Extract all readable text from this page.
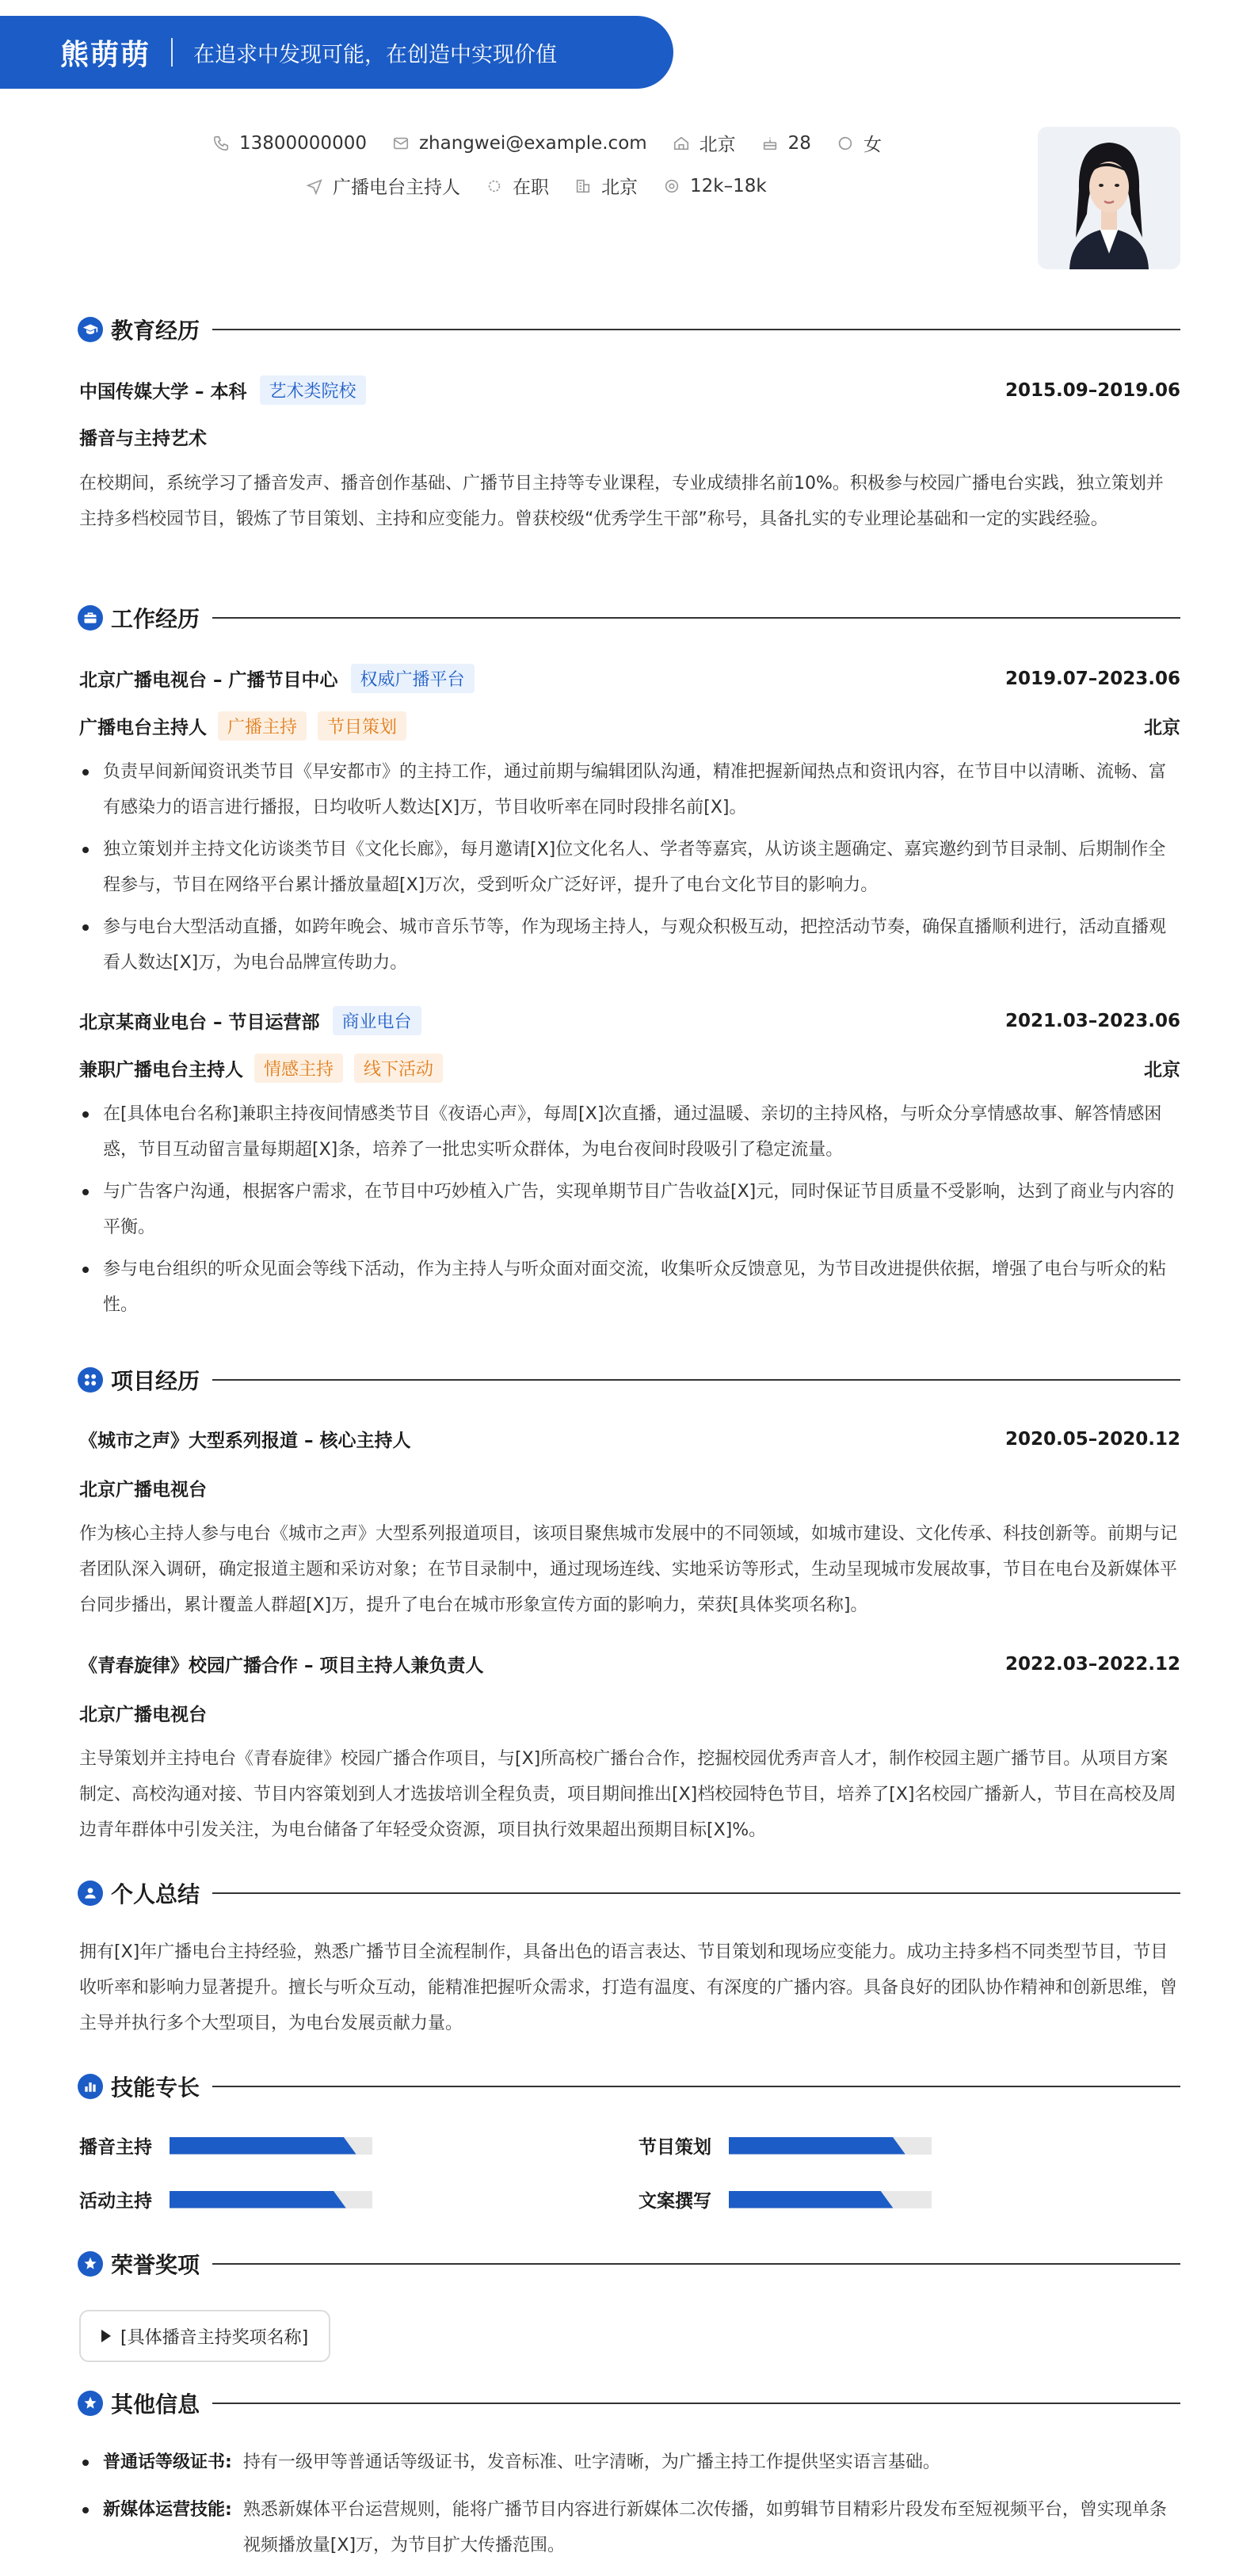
熊萌萌 在追求中发现可能，在创造中实现价值
13800000000	zhangwei@example.com	北京	28	女
广播电台主持人	在职	北京	12k–18k
教育经历
中国传媒大学 – 本科	艺术类院校	2015.09–2019.06
播音与主持艺术
在校期间，系统学习了播音发声、播音创作基础、广播节目主持等专业课程，专业成绩排名前10%。积极参与校园广播电台实践，独立策划并主持多档校园节目，锻炼了节目策划、主持和应变能力。曾获校级“优秀学生干部”称号，具备扎实的专业理论基础和一定的实践经验。
工作经历
北京广播电视台 – 广播节目中心	权威广播平台	2019.07–2023.06
广播电台主持人	广播主持	节目策划	北京
负责早间新闻资讯类节目《早安都市》的主持工作，通过前期与编辑团队沟通，精准把握新闻热点和资讯内容，在节目中以清晰、流畅、富有感染力的语言进行播报，日均收听人数达[X]万，节目收听率在同时段排名前[X]。
独立策划并主持文化访谈类节目《文化长廊》，每月邀请[X]位文化名人、学者等嘉宾，从访谈主题确定、嘉宾邀约到节目录制、后期制作全程参与，节目在网络平台累计播放量超[X]万次，受到听众广泛好评，提升了电台文化节目的影响力。
参与电台大型活动直播，如跨年晚会、城市音乐节等，作为现场主持人，与观众积极互动，把控活动节奏，确保直播顺利进行，活动直播观看人数达[X]万，为电台品牌宣传助力。
北京某商业电台 – 节目运营部	商业电台	2021.03–2023.06
兼职广播电台主持人	情感主持	线下活动	北京
在[具体电台名称]兼职主持夜间情感类节目《夜语心声》，每周[X]次直播，通过温暖、亲切的主持风格，与听众分享情感故事、解答情感困惑，节目互动留言量每期超[X]条，培养了一批忠实听众群体，为电台夜间时段吸引了稳定流量。
与广告客户沟通，根据客户需求，在节目中巧妙植入广告，实现单期节目广告收益[X]元，同时保证节目质量不受影响，达到了商业与内容的平衡。
参与电台组织的听众见面会等线下活动，作为主持人与听众面对面交流，收集听众反馈意见，为节目改进提供依据，增强了电台与听众的粘性。
项目经历
《城市之声》大型系列报道 – 核心主持人	2020.05–2020.12
北京广播电视台
作为核心主持人参与电台《城市之声》大型系列报道项目，该项目聚焦城市发展中的不同领域，如城市建设、文化传承、科技创新等。前期与记者团队深入调研，确定报道主题和采访对象；在节目录制中，通过现场连线、实地采访等形式，生动呈现城市发展故事，节目在电台及新媒体平台同步播出，累计覆盖人群超[X]万，提升了电台在城市形象宣传方面的影响力，荣获[具体奖项名称]。
《青春旋律》校园广播合作 – 项目主持人兼负责人	2022.03–2022.12
北京广播电视台
主导策划并主持电台《青春旋律》校园广播合作项目，与[X]所高校广播台合作，挖掘校园优秀声音人才，制作校园主题广播节目。从项目方案制定、高校沟通对接、节目内容策划到人才选拔培训全程负责，项目期间推出[X]档校园特色节目，培养了[X]名校园广播新人，节目在高校及周边青年群体中引发关注，为电台储备了年轻受众资源，项目执行效果超出预期目标[X]%。
个人总结
拥有[X]年广播电台主持经验，熟悉广播节目全流程制作，具备出色的语言表达、节目策划和现场应变能力。成功主持多档不同类型节目，节目收听率和影响力显著提升。擅长与听众互动，能精准把握听众需求，打造有温度、有深度的广播内容。具备良好的团队协作精神和创新思维，曾主导并执行多个大型项目，为电台发展贡献力量。
技能专长
播音主持	节目策划
活动主持	文案撰写
荣誉奖项
[具体播音主持奖项名称]
其他信息
普通话等级证书: 持有一级甲等普通话等级证书，发音标准、吐字清晰，为广播主持工作提供坚实语言基础。
新媒体运营技能: 熟悉新媒体平台运营规则，能将广播节目内容进行新媒体二次传播，如剪辑节目精彩片段发布至短视频平台，曾实现单条视频播放量[X]万，为节目扩大传播范围。
